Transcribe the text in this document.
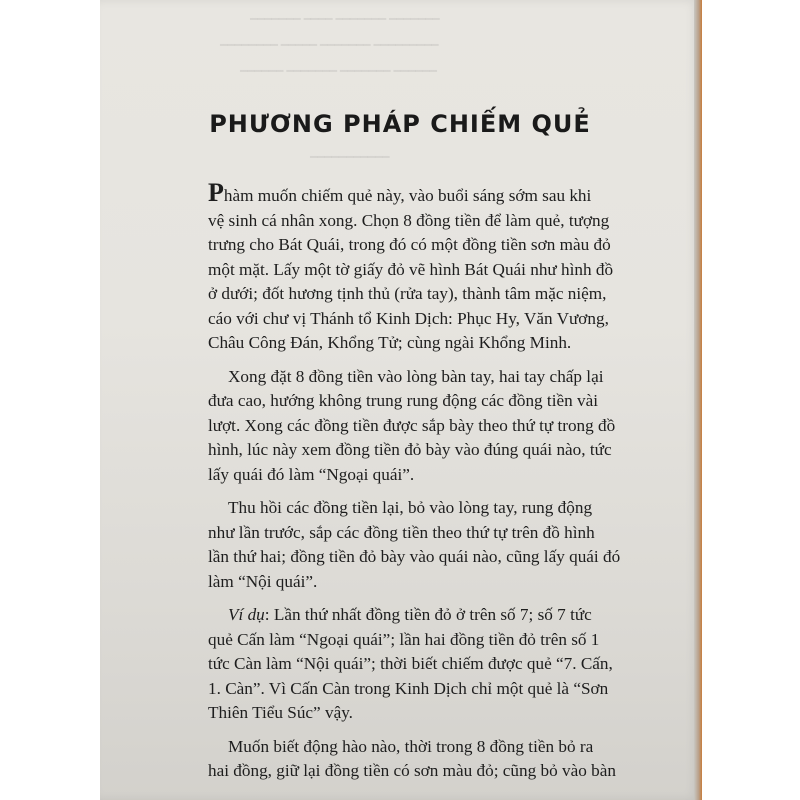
━━━━━━━ ━━━━ ━━━━━━━ ━━━━━━━
━━━━━━━━ ━━━━━ ━━━━━━━ ━━━━━━━━━
━━━━━━ ━━━━━━━ ━━━━━━━ ━━━━━━
━━━━━━━━━━━
PHƯƠNG PHÁP CHIẾM QUẺ

Phàm muốn chiếm quẻ này, vào buổi sáng sớm sau khi
vệ sinh cá nhân xong. Chọn 8 đồng tiền để làm quẻ, tượng
trưng cho Bát Quái, trong đó có một đồng tiền sơn màu đỏ
một mặt. Lấy một tờ giấy đỏ vẽ hình Bát Quái như hình đồ
ở dưới; đốt hương tịnh thủ (rửa tay), thành tâm mặc niệm,
cáo với chư vị Thánh tổ Kinh Dịch: Phục Hy, Văn Vương,
Châu Công Đán, Khổng Tử; cùng ngài Khổng Minh.

Xong đặt 8 đồng tiền vào lòng bàn tay, hai tay chấp lại
đưa cao, hướng không trung rung động các đồng tiền vài
lượt. Xong các đồng tiền được sắp bày theo thứ tự trong đồ
hình, lúc này xem đồng tiền đỏ bày vào đúng quái nào, tức
lấy quái đó làm “Ngoại quái”.

Thu hồi các đồng tiền lại, bỏ vào lòng tay, rung động
như lần trước, sắp các đồng tiền theo thứ tự trên đồ hình
lần thứ hai; đồng tiền đỏ bày vào quái nào, cũng lấy quái đó
làm “Nội quái”.

Ví dụ: Lần thứ nhất đồng tiền đỏ ở trên số 7; số 7 tức
quẻ Cấn làm “Ngoại quái”; lần hai đồng tiền đỏ trên số 1
tức Càn làm “Nội quái”; thời biết chiếm được quẻ “7. Cấn,
1. Càn”. Vì Cấn Càn trong Kinh Dịch chỉ một quẻ là “Sơn
Thiên Tiểu Súc” vậy.

Muốn biết động hào nào, thời trong 8 đồng tiền bỏ ra
hai đồng, giữ lại đồng tiền có sơn màu đỏ; cũng bỏ vào bàn
